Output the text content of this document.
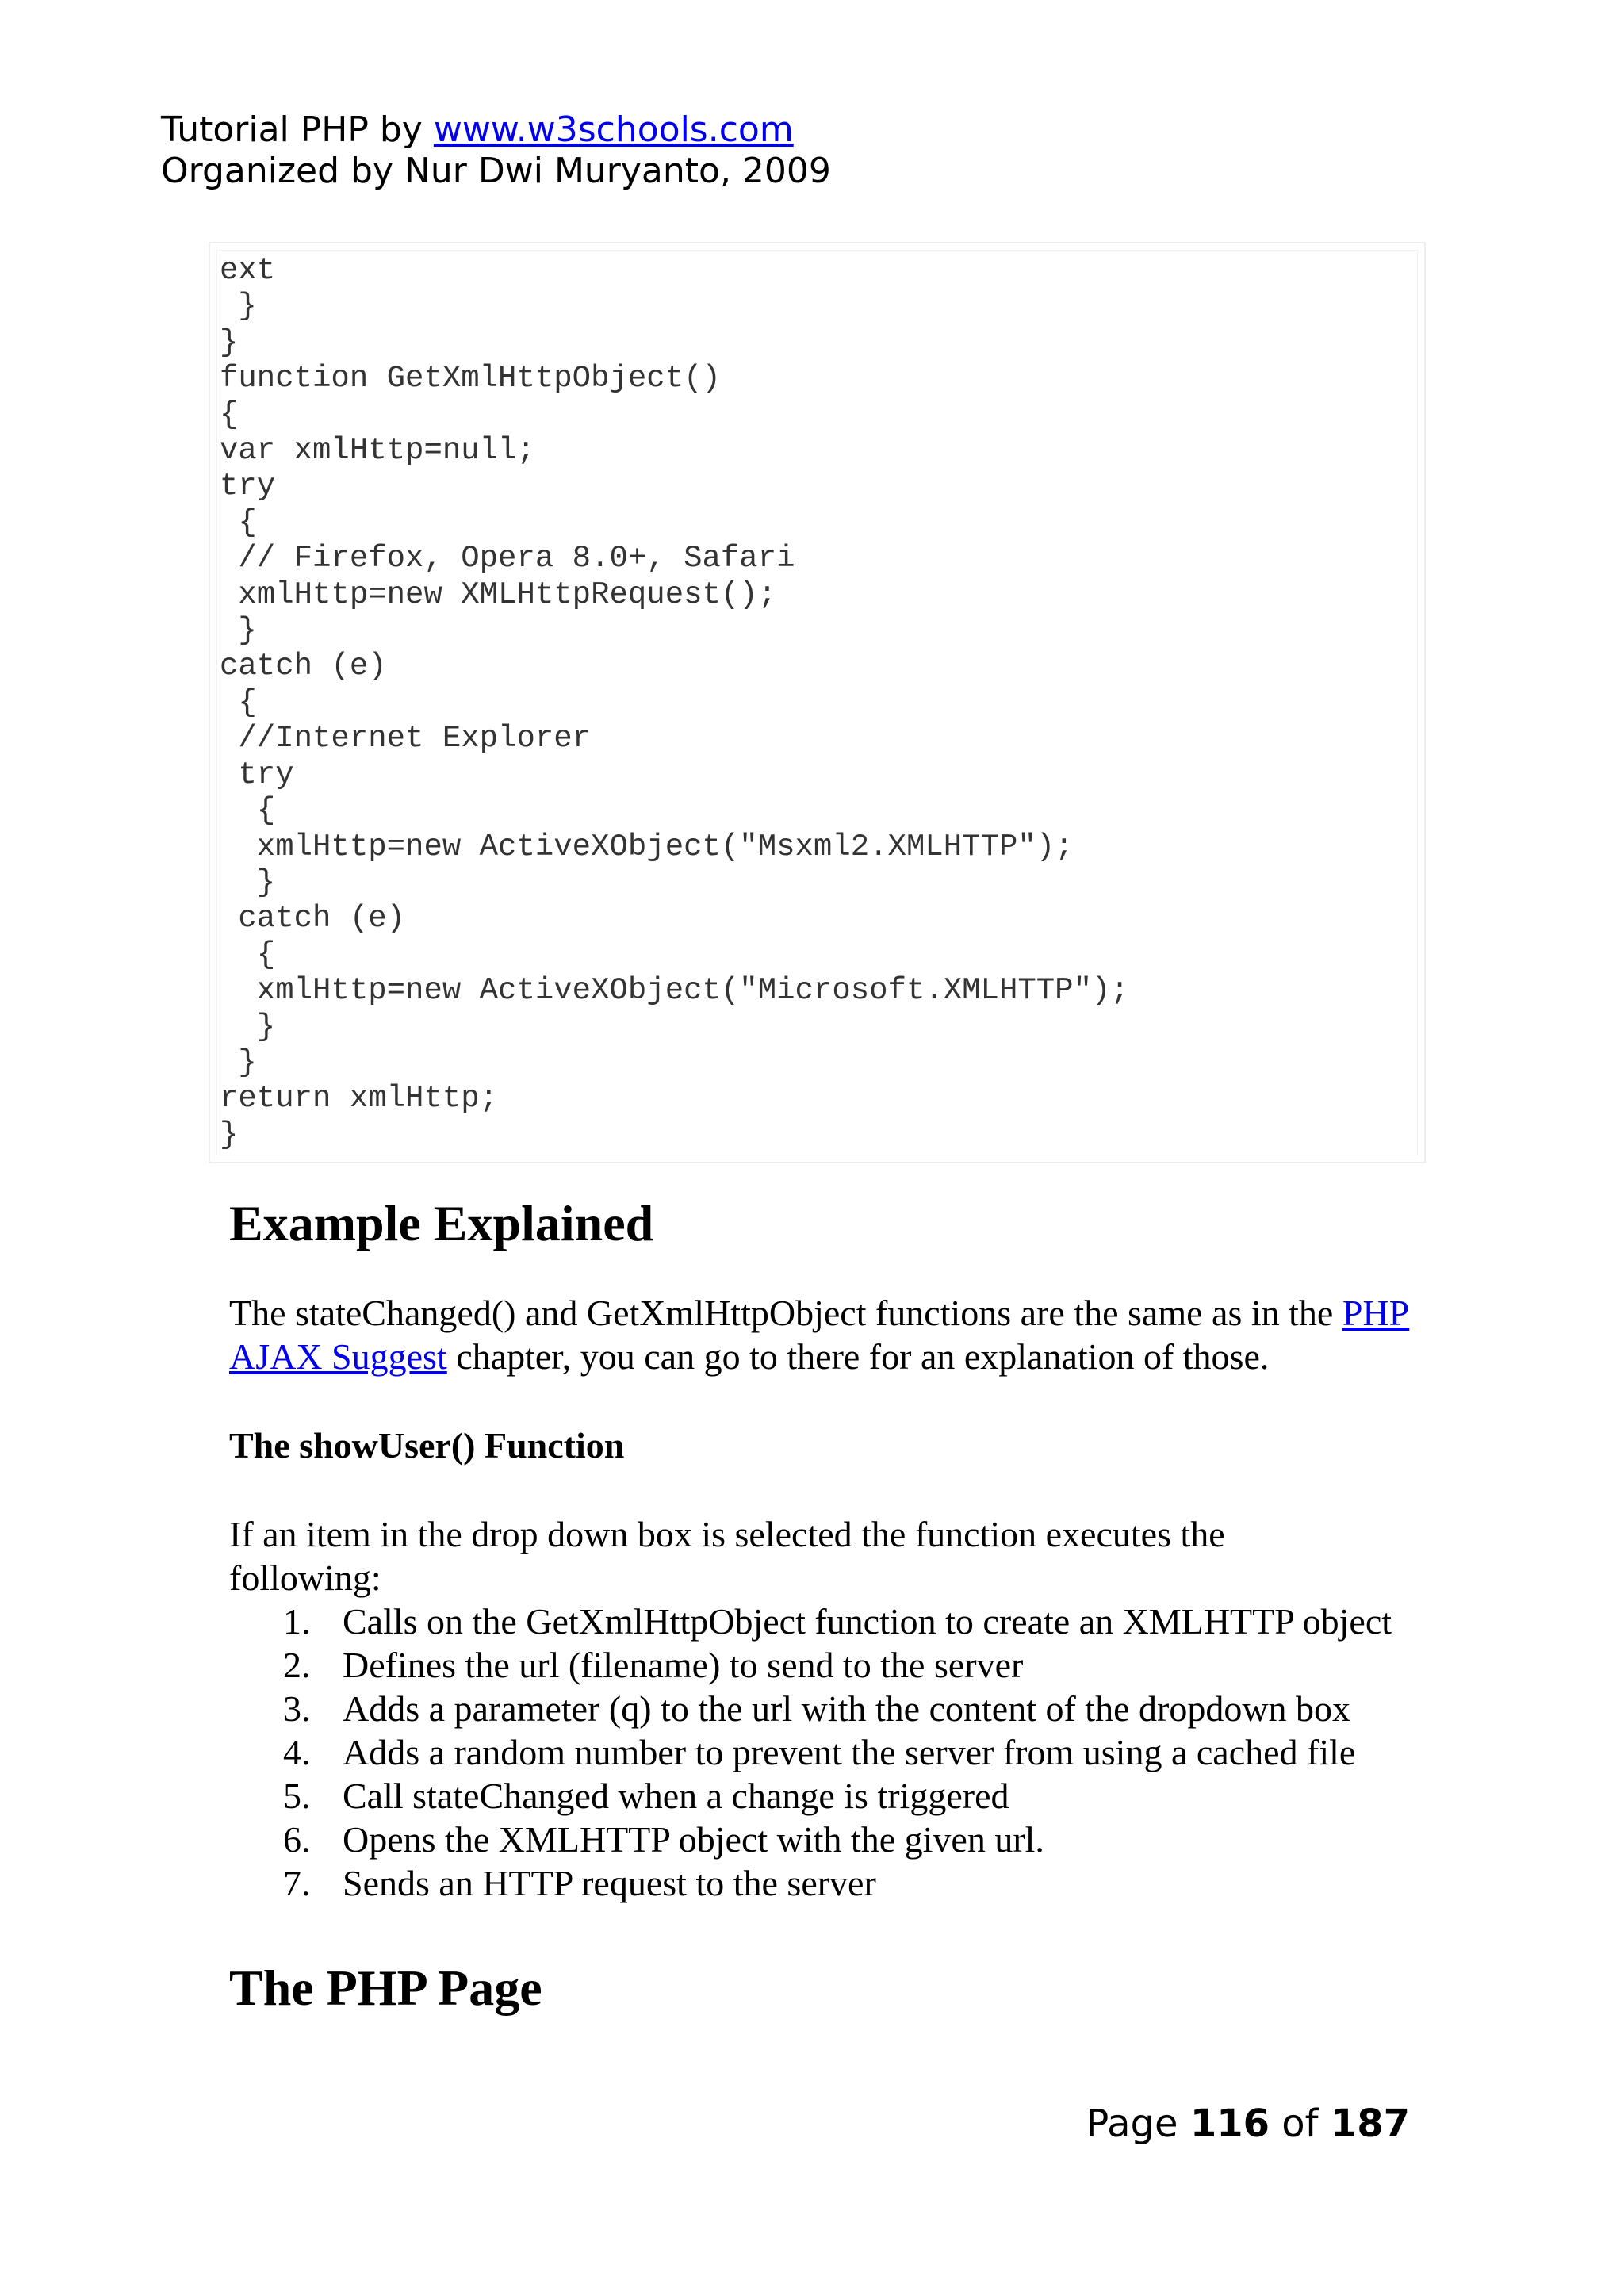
Tutorial PHP by www.w3schools.com
Organized by Nur Dwi Muryanto, 2009
ext
}
}
function GetXmlHttpObject()
{
var xmlHttp=null;
try
{
// Firefox, Opera 8.0+, Safari
xmlHttp=new XMLHttpRequest();
}
catch (e)
{
//Internet Explorer
try
{
xmlHttp=new ActiveXObject("Msxml2.XMLHTTP");
}
catch (e)
{
xmlHttp=new ActiveXObject("Microsoft.XMLHTTP");
}
}
return xmlHttp;
}
Example Explained

The stateChanged() and GetXmlHttpObject functions are the same as in the PHP AJAX Suggest chapter, you can go to there for an explanation of those.

The showUser() Function

If an item in the drop down box is selected the function executes the following:

1. Calls on the GetXmlHttpObject function to create an XMLHTTP object
2. Defines the url (filename) to send to the server
3. Adds a parameter (q) to the url with the content of the dropdown box
4. Adds a random number to prevent the server from using a cached file
5. Call stateChanged when a change is triggered
6. Opens the XMLHTTP object with the given url.
7. Sends an HTTP request to the server
The PHP Page
Page 116 of 187
